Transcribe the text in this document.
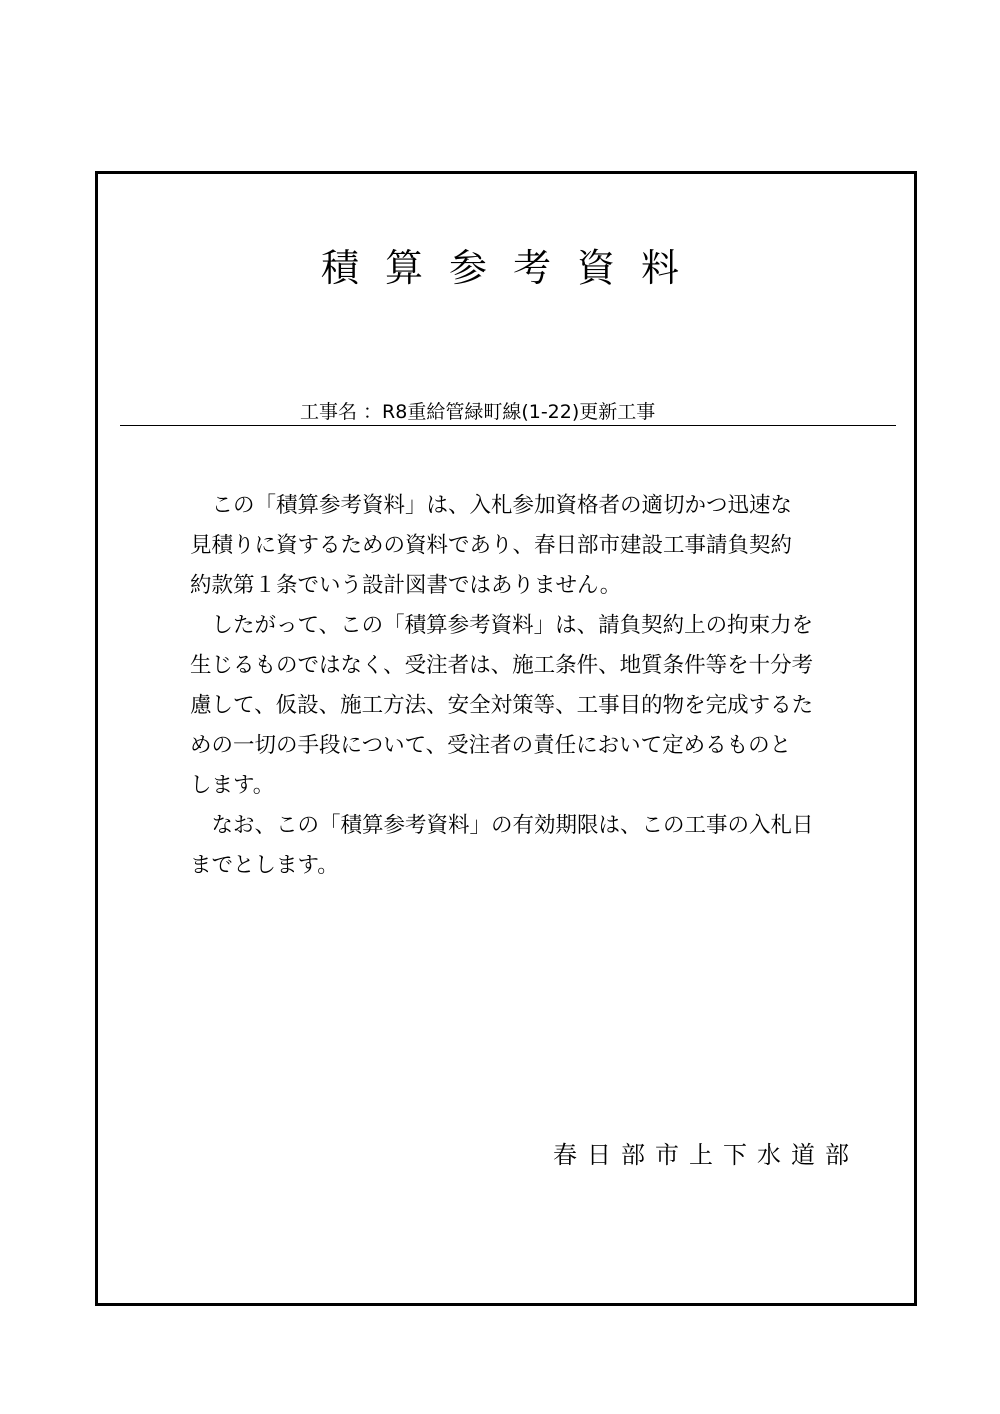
積算参考資料
工事名 ：R8重給管緑町線(1-22)更新工事
　この「積算参考資料」は、入札参加資格者の適切かつ迅速な
見積りに資するための資料であり、春日部市建設工事請負契約
約款第１条でいう設計図書ではありません。
　したがって、この「積算参考資料」は、請負契約上の拘束力を
生じるものではなく、受注者は、施工条件、地質条件等を十分考
慮して、仮設、施工方法、安全対策等、工事目的物を完成するた
めの一切の手段について、受注者の責任において定めるものと
します。
　なお、この「積算参考資料」の有効期限は、この工事の入札日
までとします。
春日部市上下水道部
